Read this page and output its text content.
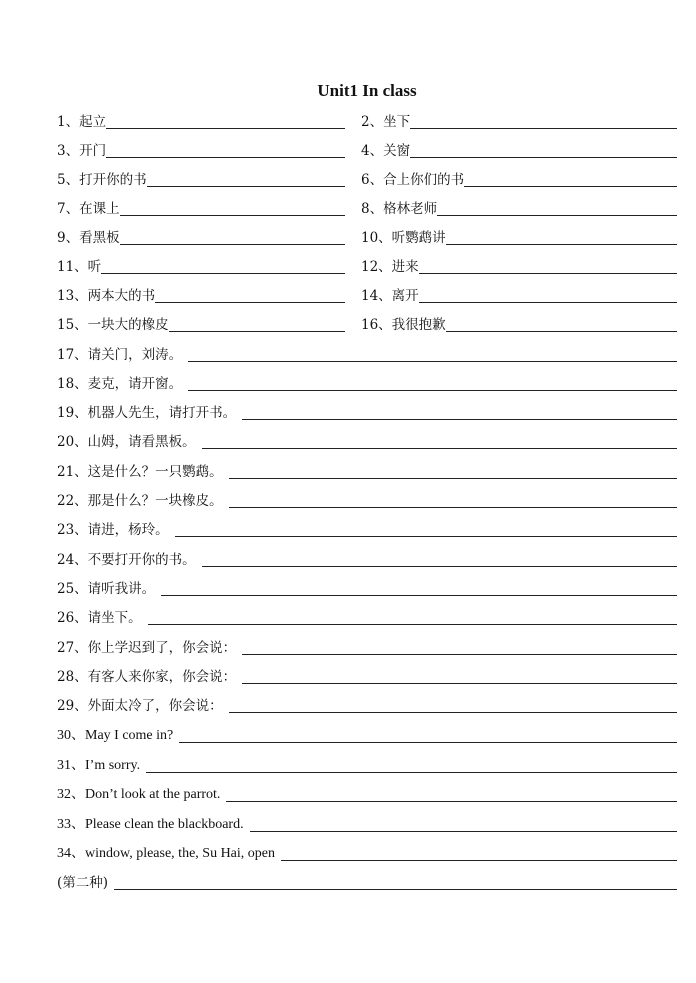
Unit1 In class
1、起立	2、坐下
3、开门	4、关窗
5、打开你的书	6、合上你们的书
7、在课上	8、格林老师
9、看黑板	10、听鹦鹉讲
11、听	12、进来
13、两本大的书	14、离开
15、一块大的橡皮	16、我很抱歉
17、请关门，刘涛。
18、麦克，请开窗。
19、机器人先生，请打开书。
20、山姆，请看黑板。
21、这是什么？一只鹦鹉。
22、那是什么？一块橡皮。
23、请进，杨玲。
24、不要打开你的书。
25、请听我讲。
26、请坐下。
27、你上学迟到了，你会说：
28、有客人来你家，你会说：
29、外面太冷了，你会说：
30、May I come in?
31、I’m sorry.
32、Don’t look at the parrot.
33、Please clean the blackboard.
34、window, please, the, Su Hai, open
(第二种)
